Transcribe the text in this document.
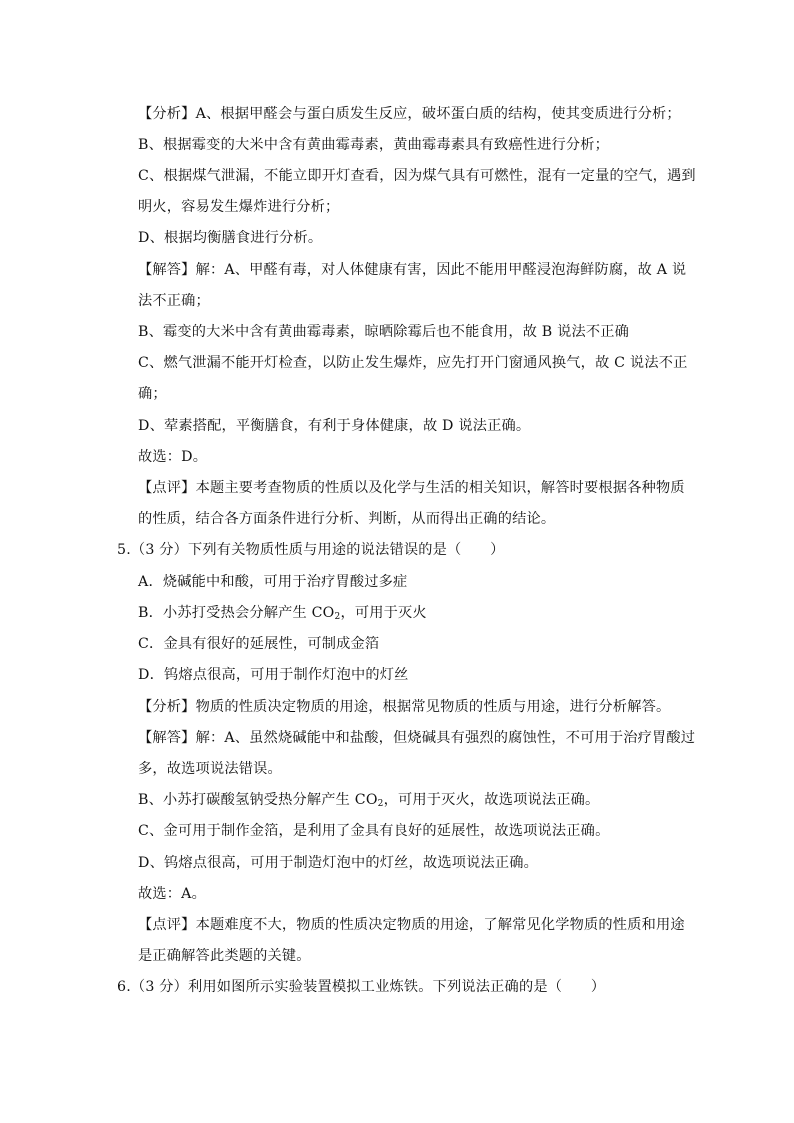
【分析】A、根据甲醛会与蛋白质发生反应，破坏蛋白质的结构，使其变质进行分析；
B、根据霉变的大米中含有黄曲霉毒素，黄曲霉毒素具有致癌性进行分析；
C、根据煤气泄漏，不能立即开灯查看，因为煤气具有可燃性，混有一定量的空气，遇到
明火，容易发生爆炸进行分析；
D、根据均衡膳食进行分析。
【解答】解：A、甲醛有毒，对人体健康有害，因此不能用甲醛浸泡海鲜防腐，故 A 说
法不正确；
B、霉变的大米中含有黄曲霉毒素，晾晒除霉后也不能食用，故 B 说法不正确
C、燃气泄漏不能开灯检查，以防止发生爆炸，应先打开门窗通风换气，故 C 说法不正
确；
D、荤素搭配，平衡膳食，有利于身体健康，故 D 说法正确。
故选：D。
【点评】本题主要考查物质的性质以及化学与生活的相关知识，解答时要根据各种物质
的性质，结合各方面条件进行分析、判断，从而得出正确的结论。
5.（3 分）下列有关物质性质与用途的说法错误的是（　　）
A．烧碱能中和酸，可用于治疗胃酸过多症
B．小苏打受热会分解产生 $CO_2$，可用于灭火
C．金具有很好的延展性，可制成金箔
D．钨熔点很高，可用于制作灯泡中的灯丝
【分析】物质的性质决定物质的用途，根据常见物质的性质与用途，进行分析解答。
【解答】解：A、虽然烧碱能中和盐酸，但烧碱具有强烈的腐蚀性，不可用于治疗胃酸过
多，故选项说法错误。
B、小苏打碳酸氢钠受热分解产生 $CO_2$，可用于灭火，故选项说法正确。
C、金可用于制作金箔，是利用了金具有良好的延展性，故选项说法正确。
D、钨熔点很高，可用于制造灯泡中的灯丝，故选项说法正确。
故选：A。
【点评】本题难度不大，物质的性质决定物质的用途，了解常见化学物质的性质和用途
是正确解答此类题的关键。
6.（3 分）利用如图所示实验装置模拟工业炼铁。下列说法正确的是（　　）
